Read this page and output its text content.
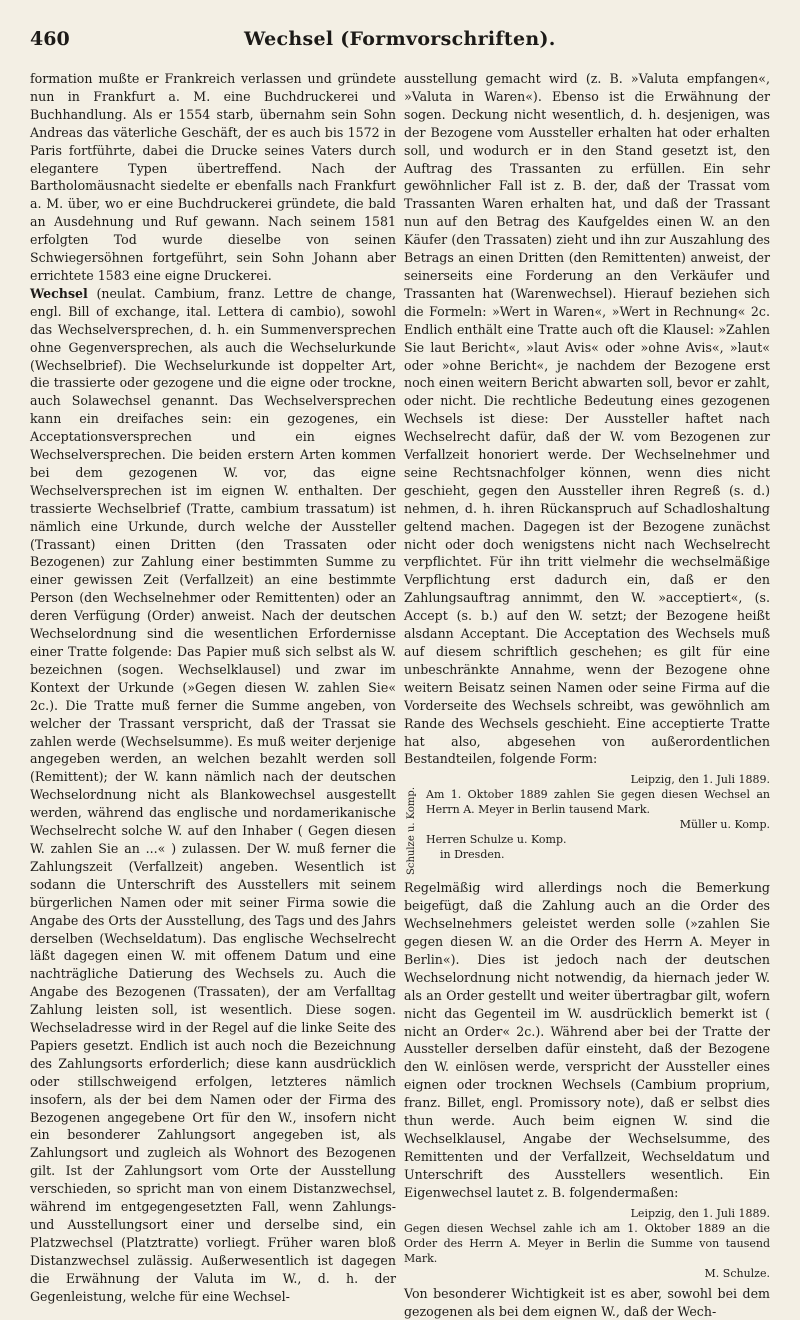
460	Wechsel (Formvorschriften).

formation mußte er Frankreich verlassen und gründete nun in Frankfurt a. M. eine Buchdruckerei und Buchhandlung. Als er 1554 starb, übernahm sein Sohn Andreas das väterliche Geschäft, der es auch bis 1572 in Paris fortführte, dabei die Drucke seines Vaters durch elegantere Typen übertreffend. Nach der Bartholomäusnacht siedelte er ebenfalls nach Frankfurt a. M. über, wo er eine Buchdruckerei gründete, die bald an Ausdehnung und Ruf gewann. Nach seinem 1581 erfolgten Tod wurde dieselbe von seinen Schwiegersöhnen fortgeführt, sein Sohn Johann aber errichtete 1583 eine eigne Druckerei.

Wechsel (neulat. Cambium, franz. Lettre de change, engl. Bill of exchange, ital. Lettera di cambio), sowohl das Wechselversprechen, d. h. ein Summenversprechen ohne Gegenversprechen, als auch die Wechselurkunde (Wechselbrief). Die Wechselurkunde ist doppelter Art, die trassierte oder gezogene und die eigne oder trockne, auch Solawechsel genannt. Das Wechselversprechen kann ein dreifaches sein: ein gezogenes, ein Acceptationsversprechen und ein eignes Wechselversprechen. Die beiden erstern Arten kommen bei dem gezogenen W. vor, das eigne Wechselversprechen ist im eignen W. enthalten. Der trassierte Wechselbrief (Tratte, cambium trassatum) ist nämlich eine Urkunde, durch welche der Aussteller (Trassant) einen Dritten (den Trassaten oder Bezogenen) zur Zahlung einer bestimmten Summe zu einer gewissen Zeit (Verfallzeit) an eine bestimmte Person (den Wechselnehmer oder Remittenten) oder an deren Verfügung (Order) anweist. Nach der deutschen Wechselordnung sind die wesentlichen Erfordernisse einer Tratte folgende: Das Papier muß sich selbst als W. bezeichnen (sogen. Wechselklausel) und zwar im Kontext der Urkunde (»Gegen diesen W. zahlen Sie« 2c.). Die Tratte muß ferner die Summe angeben, von welcher der Trassant verspricht, daß der Trassat sie zahlen werde (Wechselsumme). Es muß weiter derjenige angegeben werden, an welchen bezahlt werden soll (Remittent); der W. kann nämlich nach der deutschen Wechselordnung nicht als Blankowechsel ausgestellt werden, während das englische und nordamerikanische Wechselrecht solche W. auf den Inhaber ( Gegen diesen W. zahlen Sie an ...« ) zulassen. Der W. muß ferner die Zahlungszeit (Verfallzeit) angeben. Wesentlich ist sodann die Unterschrift des Ausstellers mit seinem bürgerlichen Namen oder mit seiner Firma sowie die Angabe des Orts der Ausstellung, des Tags und des Jahrs derselben (Wechseldatum). Das englische Wechselrecht läßt dagegen einen W. mit offenem Datum und eine nachträgliche Datierung des Wechsels zu. Auch die Angabe des Bezogenen (Trassaten), der am Verfalltag Zahlung leisten soll, ist wesentlich. Diese sogen. Wechseladresse wird in der Regel auf die linke Seite des Papiers gesetzt. Endlich ist auch noch die Bezeichnung des Zahlungsorts erforderlich; diese kann ausdrücklich oder stillschweigend erfolgen, letzteres nämlich insofern, als der bei dem Namen oder der Firma des Bezogenen angegebene Ort für den W., insofern nicht ein besonderer Zahlungsort angegeben ist, als Zahlungsort und zugleich als Wohnort des Bezogenen gilt. Ist der Zahlungsort vom Orte der Ausstellung verschieden, so spricht man von einem Distanzwechsel, während im entgegengesetzten Fall, wenn Zahlungs- und Ausstellungsort einer und derselbe sind, ein Platzwechsel (Platztratte) vorliegt. Früher waren bloß Distanzwechsel zulässig. Außerwesentlich ist dagegen die Erwähnung der Valuta im W., d. h. der Gegenleistung, welche für eine Wechsel-

ausstellung gemacht wird (z. B. »Valuta empfangen«, »Valuta in Waren«). Ebenso ist die Erwähnung der sogen. Deckung nicht wesentlich, d. h. desjenigen, was der Bezogene vom Aussteller erhalten hat oder erhalten soll, und wodurch er in den Stand gesetzt ist, den Auftrag des Trassanten zu erfüllen. Ein sehr gewöhnlicher Fall ist z. B. der, daß der Trassat vom Trassanten Waren erhalten hat, und daß der Trassant nun auf den Betrag des Kaufgeldes einen W. an den Käufer (den Trassaten) zieht und ihn zur Auszahlung des Betrags an einen Dritten (den Remittenten) anweist, der seinerseits eine Forderung an den Verkäufer und Trassanten hat (Warenwechsel). Hierauf beziehen sich die Formeln: »Wert in Waren«, »Wert in Rechnung« 2c. Endlich enthält eine Tratte auch oft die Klausel: »Zahlen Sie laut Bericht«, »laut Avis« oder »ohne Avis«, »laut« oder »ohne Bericht«, je nachdem der Bezogene erst noch einen weitern Bericht abwarten soll, bevor er zahlt, oder nicht. Die rechtliche Bedeutung eines gezogenen Wechsels ist diese: Der Aussteller haftet nach Wechselrecht dafür, daß der W. vom Bezogenen zur Verfallzeit honoriert werde. Der Wechselnehmer und seine Rechtsnachfolger können, wenn dies nicht geschieht, gegen den Aussteller ihren Regreß (s. d.) nehmen, d. h. ihren Rückanspruch auf Schadloshaltung geltend machen. Dagegen ist der Bezogene zunächst nicht oder doch wenigstens nicht nach Wechselrecht verpflichtet. Für ihn tritt vielmehr die wechselmäßige Verpflichtung erst dadurch ein, daß er den Zahlungsauftrag annimmt, den W. »acceptiert«, (s. Accept (s. b.) auf den W. setzt; der Bezogene heißt alsdann Acceptant. Die Acceptation des Wechsels muß auf diesem schriftlich geschehen; es gilt für eine unbeschränkte Annahme, wenn der Bezogene ohne weitern Beisatz seinen Namen oder seine Firma auf die Vorderseite des Wechsels schreibt, was gewöhnlich am Rande des Wechsels geschieht. Eine acceptierte Tratte hat also, abgesehen von außerordentlichen Bestandteilen, folgende Form:

Leipzig, den 1. Juli 1889.
Schulze u. Komp. Am 1. Oktober 1889 zahlen Sie gegen diesen Wechsel an Herrn A. Meyer in Berlin tausend Mark.
Müller u. Komp.
Herren Schulze u. Komp.
in Dresden.

Regelmäßig wird allerdings noch die Bemerkung beigefügt, daß die Zahlung auch an die Order des Wechselnehmers geleistet werden solle (»zahlen Sie gegen diesen W. an die Order des Herrn A. Meyer in Berlin«). Dies ist jedoch nach der deutschen Wechselordnung nicht notwendig, da hiernach jeder W. als an Order gestellt und weiter übertragbar gilt, wofern nicht das Gegenteil im W. ausdrücklich bemerkt ist ( nicht an Order« 2c.). Während aber bei der Tratte der Aussteller derselben dafür einsteht, daß der Bezogene den W. einlösen werde, verspricht der Aussteller eines eignen oder trocknen Wechsels (Cambium proprium, franz. Billet, engl. Promissory note), daß er selbst dies thun werde. Auch beim eignen W. sind die Wechselklausel, Angabe der Wechselsumme, des Remittenten und der Verfallzeit, Wechseldatum und Unterschrift des Ausstellers wesentlich. Ein Eigenwechsel lautet z. B. folgendermaßen:

Leipzig, den 1. Juli 1889.
Gegen diesen Wechsel zahle ich am 1. Oktober 1889 an die Order des Herrn A. Meyer in Berlin die Summe von tausend Mark.
M. Schulze.

Von besonderer Wichtigkeit ist es aber, sowohl bei dem gezogenen als bei dem eignen W., daß der Wech-
